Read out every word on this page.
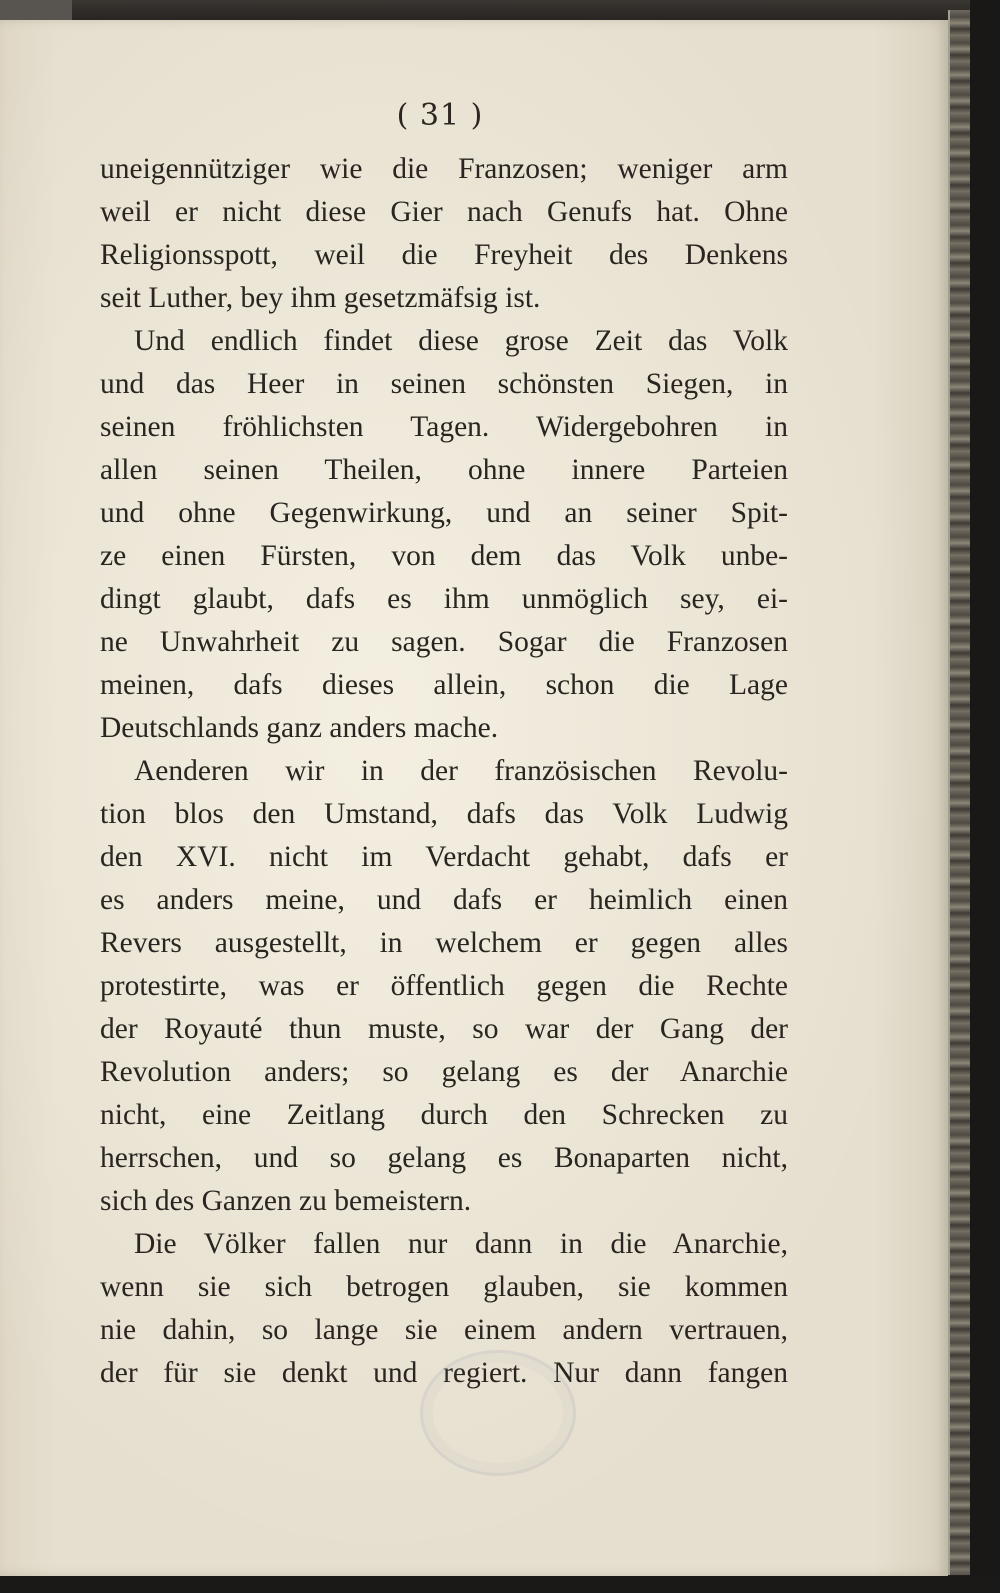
( 31 )
uneigennütziger wie die Franzosen; weniger arm
weil er nicht diese Gier nach Genufs hat. Ohne
Religionsspott, weil die Freyheit des Denkens
seit Luther, bey ihm gesetzmäfsig ist.
Und endlich findet diese grose Zeit das Volk
und das Heer in seinen schönsten Siegen, in
seinen fröhlichsten Tagen. Widergebohren in
allen seinen Theilen, ohne innere Parteien
und ohne Gegenwirkung, und an seiner Spit-
ze einen Fürsten, von dem das Volk unbe-
dingt glaubt, dafs es ihm unmöglich sey, ei-
ne Unwahrheit zu sagen. Sogar die Franzosen
meinen, dafs dieses allein, schon die Lage
Deutschlands ganz anders mache.
Aenderen wir in der französischen Revolu-
tion blos den Umstand, dafs das Volk Ludwig
den XVI. nicht im Verdacht gehabt, dafs er
es anders meine, und dafs er heimlich einen
Revers ausgestellt, in welchem er gegen alles
protestirte, was er öffentlich gegen die Rechte
der Royauté thun muste, so war der Gang der
Revolution anders; so gelang es der Anarchie
nicht, eine Zeitlang durch den Schrecken zu
herrschen, und so gelang es Bonaparten nicht,
sich des Ganzen zu bemeistern.
Die Völker fallen nur dann in die Anarchie,
wenn sie sich betrogen glauben, sie kommen
nie dahin, so lange sie einem andern vertrauen,
der für sie denkt und regiert. Nur dann fangen
